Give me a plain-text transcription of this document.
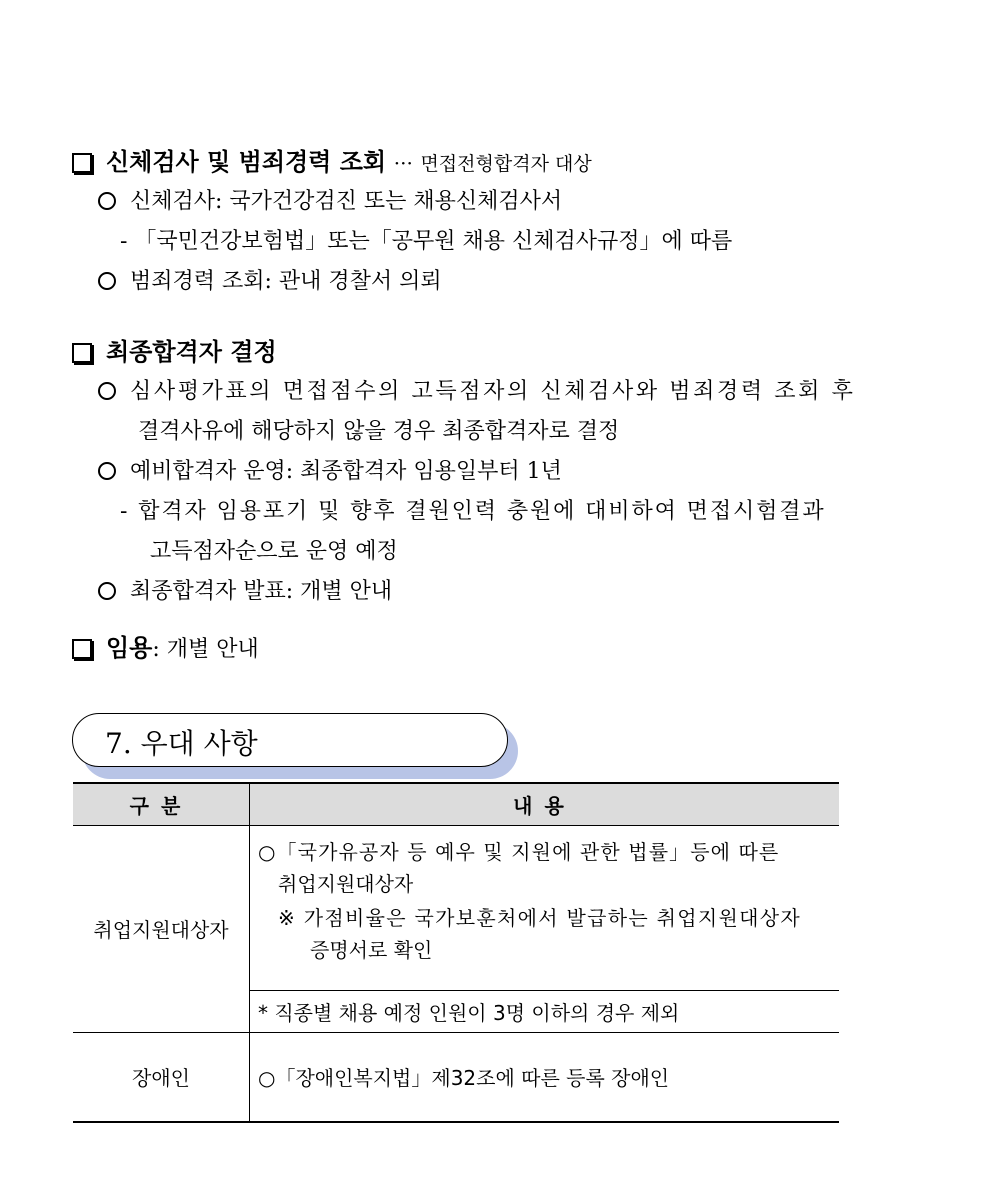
신체검사 및 범죄경력 조회 ··· 면접전형합격자 대상
신체검사: 국가건강검진 또는 채용신체검사서
- 「국민건강보험법」또는「공무원 채용 신체검사규정」에 따름
범죄경력 조회: 관내 경찰서 의뢰
최종합격자 결정
심사평가표의 면접점수의 고득점자의 신체검사와 범죄경력 조회 후
결격사유에 해당하지 않을 경우 최종합격자로 결정
예비합격자 운영: 최종합격자 임용일부터 1년
- 합격자 임용포기 및 향후 결원인력 충원에 대비하여 면접시험결과
고득점자순으로 운영 예정
최종합격자 발표: 개별 안내
임용: 개별 안내
7. 우대 사항
구분	내용
취업지원대상자	○「국가유공자 등 예우 및 지원에 관한 법률」등에 따른
취업지원대상자
※ 가점비율은 국가보훈처에서 발급하는 취업지원대상자
증명서로 확인

	* 직종별 채용 예정 인원이 3명 이하의 경우 제외
장애인	○「장애인복지법」제32조에 따른 등록 장애인
